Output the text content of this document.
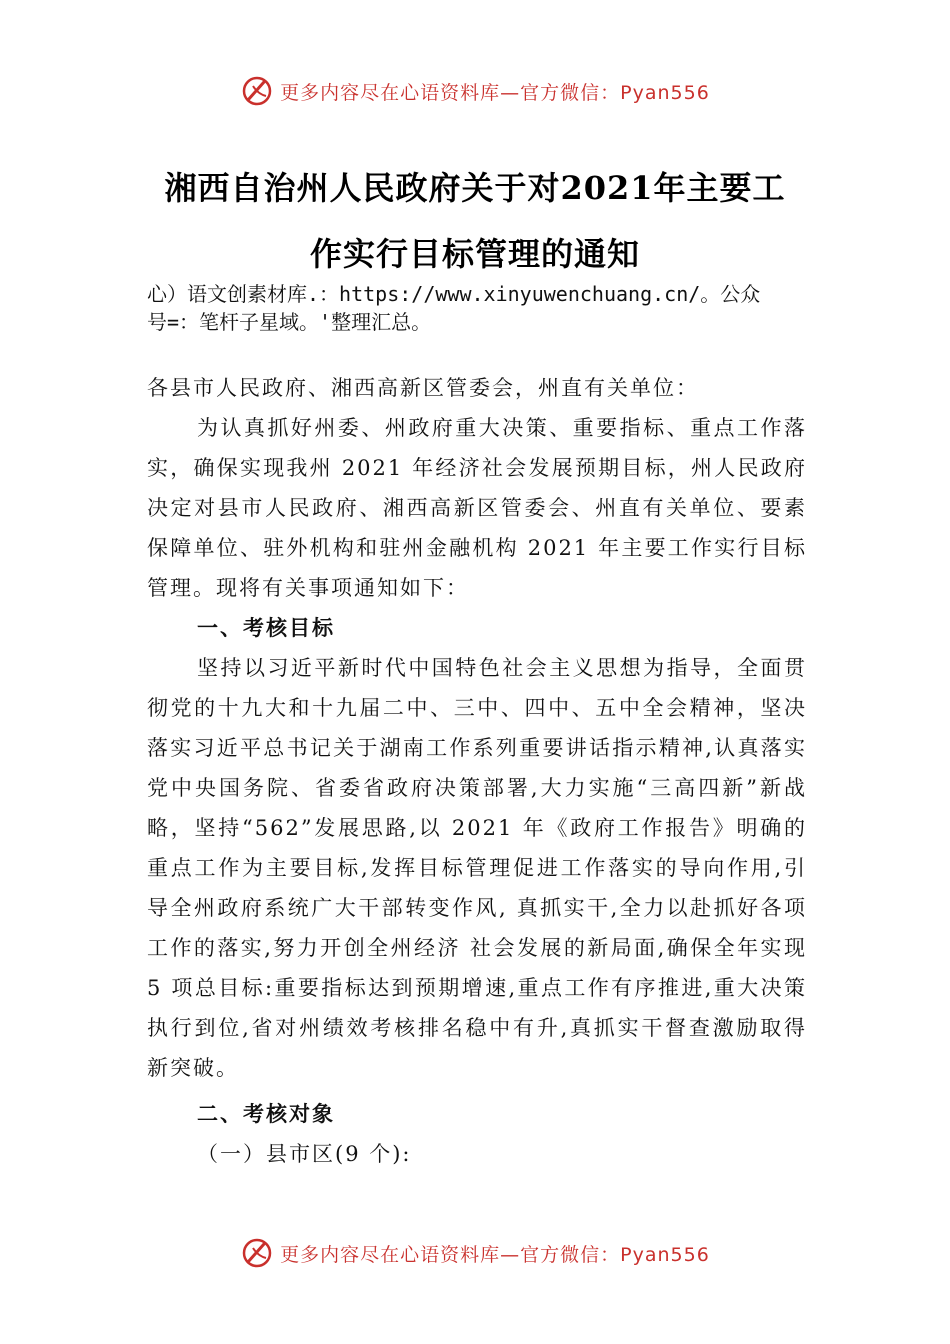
更多内容尽在心语资料库—官方微信：Pyan556
湘西自治州人民政府关于对2021年主要工
作实行目标管理的通知
心）语文创素材库.：https://www.xinyuwenchuang.cn/。公众
号=：笔杆子星域。'整理汇总。

各县市人民政府、湘西高新区管委会，州直有关单位：

为认真抓好州委、州政府重大决策、重要指标、重点工作落实，确保实现我州 2021 年经济社会发展预期目标，州人民政府决定对县市人民政府、湘西高新区管委会、州直有关单位、要素保障单位、驻外机构和驻州金融机构 2021 年主要工作实行目标管理。现将有关事项通知如下：

一、考核目标

坚持以习近平新时代中国特色社会主义思想为指导，全面贯彻党的十九大和十九届二中、三中、四中、五中全会精神，坚决落实习近平总书记关于湖南工作系列重要讲话指示精神,认真落实党中央国务院、省委省政府决策部署,大力实施“三高四新”新战略，坚持“562”发展思路,以 2021 年《政府工作报告》明确的重点工作为主要目标,发挥目标管理促进工作落实的导向作用,引导全州政府系统广大干部转变作风, 真抓实干,全力以赴抓好各项工作的落实,努力开创全州经济 社会发展的新局面,确保全年实现 5 项总目标:重要指标达到预期增速,重点工作有序推进,重大决策执行到位,省对州绩效考核排名稳中有升,真抓实干督查激励取得新突破。

二、考核对象

（一）县市区(9 个):

更多内容尽在心语资料库—官方微信：Pyan556
